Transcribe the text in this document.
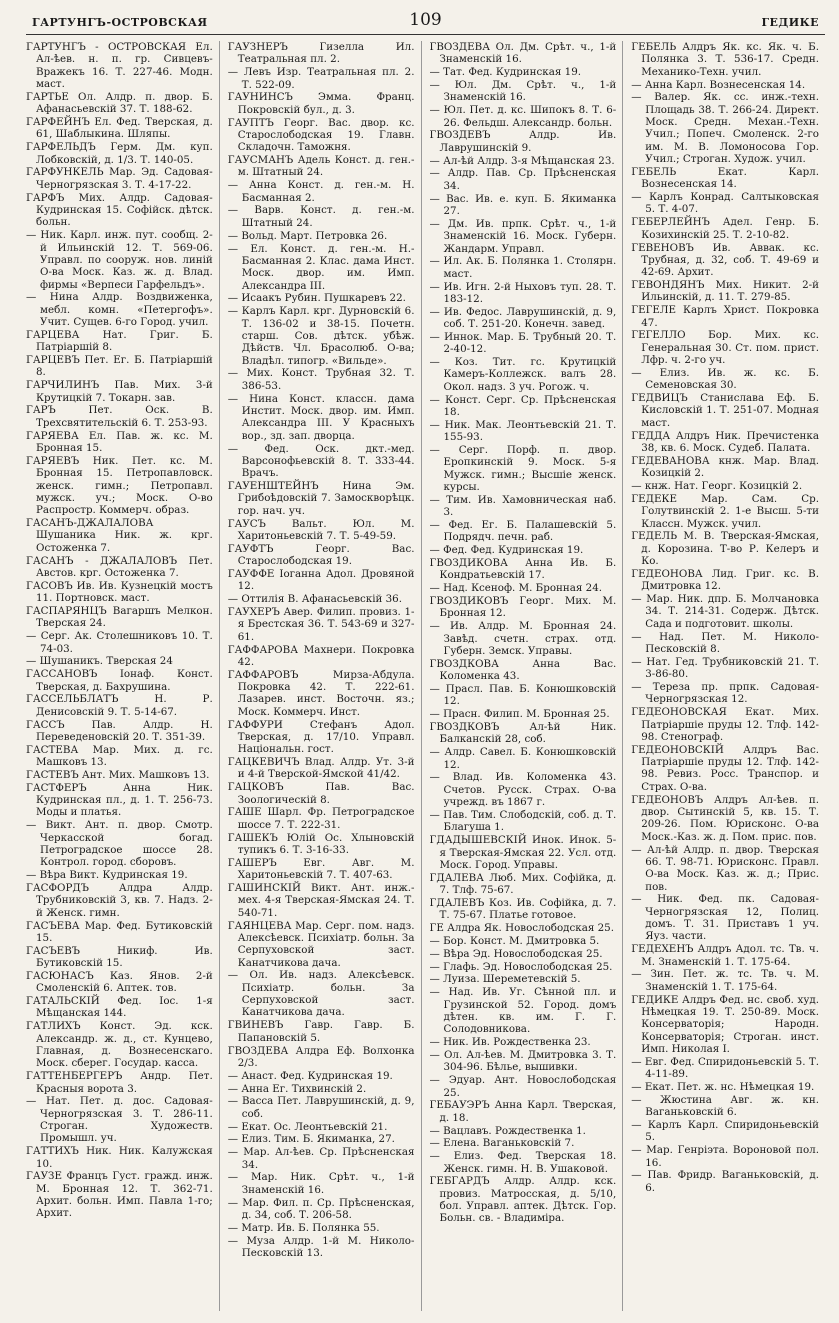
ГАРТУНГЪ-ОСТРОВСКАЯ	109	ГЕДИКЕ

ГАРТУНГЪ - ОСТРОВСКАЯ Ел. Ал-ѣев. н. п. гр. Сивцевъ-Вражекъ 16. Т. 227-46. Модн. маст.

ГАРТЬЕ Ол. Алдр. п. двор. Б. Афанасьевскій 37. Т. 188-62.

ГАРФЕЙНЪ Ел. Фед. Тверская, д. 61, Шаблыкина. Шляпы.

ГАРФЕЛЬДЪ Герм. Дм. куп. Лобковскій, д. 1/3. Т. 140-05.

ГАРФУНКЕЛЬ Мар. Эд. Садовая-Черногрязская 3. Т. 4-17-22.

ГАРФЪ Мих. Алдр. Садовая-Кудринская 15. Софійск. дѣтск. больн.

— Ник. Карл. инж. пут. сообщ. 2-й Ильинскій 12. Т. 569-06. Управл. по сооруж. нов. линій О-ва Моск. Каз. ж. д. Влад. фирмы «Верпеси Гарфельдъ».

— Нина Алдр. Воздвиженка, мебл. комн. «Петергофъ». Учит. Сущев. 6-го Город. учил.

ГАРЦЕВА Нат. Григ. Б. Патріаршій 8.

ГАРЦЕВЪ Пет. Ег. Б. Патріаршій 8.

ГАРЧИЛИНЪ Пав. Мих. 3-й Крутицкій 7. Токарн. зав.

ГАРЪ Пет. Оск. В. Трехсвятительскій 6. Т. 253-93.

ГАРЯЕВА Ел. Пав. ж. кс. М. Бронная 15.

ГАРЯЕВЪ Ник. Пет. кс. М. Бронная 15. Петропавловск. женск. гимн.; Петропавл. мужск. уч.; Моск. О-во Распростр. Коммерч. образ.

ГАСАНЪ-ДЖАЛАЛОВА Шушаника Ник. ж. крг. Остоженка 7.

ГАСАНЪ - ДЖАЛАЛОВЪ Пет. Австов. крг. Остоженка 7.

ГАСОВЪ Ив. Ив. Кузнецкій мостъ 11. Портновск. маст.

ГАСПАРЯНЦЪ Вагаршъ Мелкон. Тверская 24.

— Серг. Ак. Столешниковъ 10. Т. 74-03.

— Шушаникъ. Тверская 24

ГАССАНОВЪ Іонаф. Конст. Тверская, д. Бахрушина.

ГАССЕЛЬБЛАТЪ Н. Р. Денисовскій 9. Т. 5-14-67.

ГАССЪ Пав. Алдр. Н. Переведеновскій 20. Т. 351-39.

ГАСТЕВА Мар. Мих. д. гс. Машковъ 13.

ГАСТЕВЪ Ант. Мих. Машковъ 13.

ГАСТФЕРЪ Анна Ник. Кудринская пл., д. 1. Т. 256-73. Моды и платья.

— Викт. Ант. п. двор. Смотр. Черкасской богад. Петроградское шоссе 28. Контрол. город. сборовъ.

— Вѣра Викт. Кудринская 19.

ГАСФОРДЪ Алдра Алдр. Трубниковскій 3, кв. 7. Надз. 2-й Женск. гимн.

ГАСЪЕВА Мар. Фед. Бутиковскій 15.

ГАСЪЕВЪ Никиф. Ив. Бутиковскій 15.

ГАСЮНАСЪ Каз. Янов. 2-й Смоленскій 6. Аптек. тов.

ГАТАЛЬСКІЙ Фед. Іос. 1-я Мѣщанская 144.

ГАТЛИХЪ Конст. Эд. кск. Александр. ж. д., ст. Кунцево, Главная, д. Вознесенскаго. Моск. сберег. Государ. касса.

ГАТТЕНБЕРГЕРЪ Андр. Пет. Красныя ворота 3.

— Нат. Пет. д. дос. Садовая-Черногрязская 3. Т. 286-11. Строган. Художеств. Промышл. уч.

ГАТТИХЪ Ник. Ник. Калужская 10.

ГАУЗЕ Францъ Густ. гражд. инж. М. Бронная 12. Т. 362-71. Архит. больн. Имп. Павла 1-го; Архит.

ГАУЗНЕРЪ Гизелла Ил. Театральная пл. 2.

— Левъ Изр. Театральная пл. 2. Т. 522-09.

ГАУНИНСЪ Эмма. Франц. Покровскій бул., д. 3.

ГАУПТЪ Георг. Вас. двор. кс. Старослободская 19. Главн. Складочн. Таможня.

ГАУСМАНЪ Адель Конст. д. ген.-м. Штатный 24.

— Анна Конст. д. ген.-м. Н. Басманная 2.

— Варв. Конст. д. ген.-м. Штатный 24.

— Вольд. Март. Петровка 26.

— Ел. Конст. д. ген.-м. Н.-Басманная 2. Клас. дама Инст. Моск. двор. им. Имп. Александра III.

— Исаакъ Рубин. Пушкаревъ 22.

— Карлъ Карл. крг. Дурновскій 6. Т. 136-02 и 38-15. Почетн. старш. Сов. дѣтск. убѣж. Дѣйств. Чл. Брасолюб. О-ва; Владѣл. типогр. «Вильде».

— Мих. Конст. Трубная 32. Т. 386-53.

— Нина Конст. классн. дама Инстит. Моск. двор. им. Имп. Александра III. У Красныхъ вор., зд. зап. дворца.

— Фед. Оск. дкт.-мед. Варсонофьевскій 8. Т. 333-44. Врачъ.

ГАУЕНШТЕЙНЪ Нина Эм. Грибоѣдовскій 7. Замоскворѣцк. гор. нач. уч.

ГАУСЪ Вальт. Юл. М. Харитоньевскій 7. Т. 5-49-59.

ГАУФТЪ Георг. Вас. Старослободская 19.

ГАУФФЕ Іоганна Адол. Дровяной 12.

— Оттилія В. Афанасьевскій 36.

ГАУХЕРЪ Авер. Филип. провиз. 1-я Брестская 36. Т. 543-69 и 327-61.

ГАФФАРОВА Махнери. Покровка 42.

ГАФФАРОВЪ Мирза-Абдула. Покровка 42. Т. 222-61. Лазарев. инст. Восточн. яз.; Моск. Коммерч. Инст.

ГАФФУРИ Стефанъ Адол. Тверская, д. 17/10. Управл. Національн. гост.

ГАЦКЕВИЧЪ Влад. Алдр. Ут. 3-й и 4-й Тверской-Ямской 41/42.

ГАЦКОВЪ Пав. Вас. Зоологическій 8.

ГАШЕ Шарл. Фр. Петроградское шоссе 7. Т. 222-31.

ГАШЕКЪ Юлій Ос. Хлыновскій тупикъ 6. Т. 3-16-33.

ГАШЕРЪ Евг. Авг. М. Харитоньевскій 7. Т. 407-63.

ГАШИНСКІЙ Викт. Ант. инж.-мех. 4-я Тверская-Ямская 24. Т. 540-71.

ГАЯНЦЕВА Мар. Серг. пом. надз. Алексѣевск. Психіатр. больн. За Серпуховской заст. Канатчикова дача.

— Ол. Ив. надз. Алексѣевск. Психіатр. больн. За Серпуховской заст. Канатчикова дача.

ГВИНЕВЪ Гавр. Гавр. Б. Папановскій 5.

ГВОЗДЕВА Алдра Еф. Волхонка 2/3.

— Анаст. Фед. Кудринская 19.

— Анна Ег. Тихвинскій 2.

— Васса Пет. Лаврушинскій, д. 9, соб.

— Екат. Ос. Леонтьевскій 21.

— Елиз. Тим. Б. Якиманка, 27.

— Мар. Ал-ѣев. Ср. Прѣсненская 34.

— Мар. Ник. Срѣт. ч., 1-й Знаменскій 16.

— Мар. Фил. п. Ср. Прѣсненская, д. 34, соб. Т. 206-58.

— Матр. Ив. Б. Полянка 55.

— Муза Алдр. 1-й М. Николо-Песковскій 13.

ГВОЗДЕВА Ол. Дм. Срѣт. ч., 1-й Знаменскій 16.

— Тат. Фед. Кудринская 19.

— Юл. Дм. Срѣт. ч., 1-й Знаменскій 16.

— Юл. Пет. д. кс. Шипокъ 8. Т. 6-26. Фельдш. Александр. больн.

ГВОЗДЕВЪ Алдр. Ив. Лаврушинскій 9.

— Ал-ѣй Алдр. 3-я Мѣщанская 23.

— Алдр. Пав. Ср. Прѣсненская 34.

— Вас. Ив. е. куп. Б. Якиманка 27.

— Дм. Ив. прпк. Срѣт. ч., 1-й Знаменскій 16. Моск. Губерн. Жандарм. Управл.

— Ил. Ак. Б. Полянка 1. Столярн. маст.

— Ив. Игн. 2-й Ныховъ туп. 28. Т. 183-12.

— Ив. Федос. Лаврушинскій, д. 9, соб. Т. 251-20. Конечн. завед.

— Иннок. Мар. Б. Трубный 20. Т. 2-40-12.

— Коз. Тит. гс. Крутицкій Камеръ-Коллежск. валъ 28. Окол. надз. 3 уч. Рогож. ч.

— Конст. Серг. Ср. Прѣсненская 18.

— Ник. Мак. Леонтьевскій 21. Т. 155-93.

— Серг. Порф. п. двор. Еропкинскій 9. Моск. 5-я Мужск. гимн.; Высшіе женск. курсы.

— Тим. Ив. Хамовническая наб. 3.

— Фед. Ег. Б. Палашевскій 5. Подрядч. печн. раб.

— Фед. Фед. Кудринская 19.

ГВОЗДИКОВА Анна Ив. Б. Кондратьевскій 17.

— Над. Ксеноф. М. Бронная 24.

ГВОЗДИКОВЪ Георг. Мих. М. Бронная 12.

— Ив. Алдр. М. Бронная 24. Завѣд. счетн. страх. отд. Губерн. Земск. Управы.

ГВОЗДКОВА Анна Вас. Коломенка 43.

— Прасл. Пав. Б. Конюшковскій 12.

— Прасн. Филип. М. Бронная 25.

ГВОЗДКОВЪ Ал-ѣй Ник. Балканскій 28, соб.

— Алдр. Савел. Б. Конюшковскій 12.

— Влад. Ив. Коломенка 43. Счетов. Русск. Страх. О-ва учрежд. въ 1867 г.

— Пав. Тим. Слободскій, соб. д. Т. Благуша 1.

ГДАДЫШЕВСКІЙ Инок. Инок. 5-я Тверская-Ямская 22. Усл. отд. Моск. Город. Управы.

ГДАЛЕВА Люб. Мих. Софійка, д. 7. Тлф. 75-67.

ГДАЛЕВЪ Коз. Ив. Софійка, д. 7. Т. 75-67. Платье готовое.

ГЕ Алдра Як. Новослободская 25.

— Бор. Конст. М. Дмитровка 5.

— Вѣра Эд. Новослободская 25.

— Глафь. Эд. Новослободская 25.

— Луиза. Шереметевскій 5.

— Над. Ив. Уг. Сѣнной пл. и Грузинской 52. Город. домъ дѣтен. кв. им. Г. Г. Солодовникова.

— Ник. Ив. Рождественка 23.

— Ол. Ал-ѣев. М. Дмитровка 3. Т. 304-96. Бѣлье, вышивки.

— Эдуар. Ант. Новослободская 25.

ГЕБАУЭРЪ Анна Карл. Тверская, д. 18.

— Вацлавъ. Рождественка 1.

— Елена. Ваганьковскій 7.

— Елиз. Фед. Тверская 18. Женск. гимн. Н. В. Ушаковой.

ГЕБГАРДЪ Алдр. Алдр. кск. провиз. Матросская, д. 5/10, бол. Управл. аптек. Дѣтск. Гор. Больн. св. - Владиміра.

ГЕБЕЛЬ Алдръ Як. кс. Як. ч. Б. Полянка 3. Т. 536-17. Средн. Механико-Техн. учил.

— Анна Карл. Вознесенская 14.

— Валер. Як. сс. инж.-техн. Площадь 38. Т. 266-24. Директ. Моск. Средн. Механ.-Техн. Учил.; Попеч. Смоленск. 2-го им. М. В. Ломоносова Гор. Учил.; Строган. Худож. учил.

ГЕБЕЛЬ Екат. Карл. Вознесенская 14.

— Карлъ Конрад. Салтыковская 5. Т. 4-07.

ГЕБЕРЛЕЙНЪ Адел. Генр. Б. Козихинскій 25. Т. 2-10-82.

ГЕВЕНОВЪ Ив. Аввак. кс. Трубная, д. 32, соб. Т. 49-69 и 42-69. Архит.

ГЕВОНДЯНЪ Мих. Никит. 2-й Ильинскій, д. 11. Т. 279-85.

ГЕГЕЛЕ Карлъ Христ. Покровка 47.

ГЕГЕЛЛО Бор. Мих. кс. Генеральная 30. Ст. пом. прист. Лфр. ч. 2-го уч.

— Елиз. Ив. ж. кс. Б. Семеновская 30.

ГЕДВИЦЪ Станислава Еф. Б. Кисловскій 1. Т. 251-07. Модная маст.

ГЕДДА Алдръ Ник. Пречистенка 38, кв. 6. Моск. Судеб. Палата.

ГЕДЕВАНОВА кнж. Мар. Влад. Козицкій 2.

— кнж. Нат. Георг. Козицкій 2.

ГЕДЕКЕ Мар. Сам. Ср. Голутвинскій 2. 1-е Высш. 5-ти Классн. Мужск. учил.

ГЕДЕЛЬ М. В. Тверская-Ямская, д. Корозина. Т-во Р. Келеръ и Ко.

ГЕДЕОНОВА Лид. Григ. кс. В. Дмитровка 12.

— Мар. Ник. дпр. Б. Молчановка 34. Т. 214-31. Содерж. Дѣтск. Сада и подготовит. школы.

— Над. Пет. М. Николо-Песковскій 8.

— Нат. Гед. Трубниковскій 21. Т. 3-86-80.

— Тереза пр. прпк. Садовая-Черногрязская 12.

ГЕДЕОНОВСКАЯ Екат. Мих. Патріаршіе пруды 12. Тлф. 142-98. Стенограф.

ГЕДЕОНОВСКІЙ Алдръ Вас. Патріаршіе пруды 12. Тлф. 142-98. Ревиз. Росс. Транспор. и Страх. О-ва.

ГЕДЕОНОВЪ Алдръ Ал-ѣев. п. двор. Сытинскій 5, кв. 15. Т. 209-26. Пом. Юрисконс. О-ва Моск.-Каз. ж. д. Пом. прис. пов.

— Ал-ѣй Алдр. п. двор. Тверская 66. Т. 98-71. Юрисконс. Правл. О-ва Моск. Каз. ж. д.; Прис. пов.

— Ник. Фед. пк. Садовая-Черногрязская 12, Полиц. домъ. Т. 31. Приставъ 1 уч. Яуз. части.

ГЕДЕХЕНЪ Алдръ Адол. тс. Тв. ч. М. Знаменскій 1. Т. 175-64.

— Зин. Пет. ж. тс. Тв. ч. М. Знаменскій 1. Т. 175-64.

ГЕДИКЕ Алдръ Фед. нс. своб. худ. Нѣмецкая 19. Т. 250-89. Моск. Консерваторія; Народн. Консерваторія; Строган. инст. Имп. Николая I.

— Евг. Фед. Спиридоньевскій 5. Т. 4-11-89.

— Екат. Пет. ж. нс. Нѣмецкая 19.

— Жюстина Авг. ж. кн. Ваганьковскій 6.

— Карлъ Карл. Спиридоньевскій 5.

— Мар. Генріэта. Вороновой пол. 16.

— Пав. Фридр. Ваганьковскій, д. 6.
